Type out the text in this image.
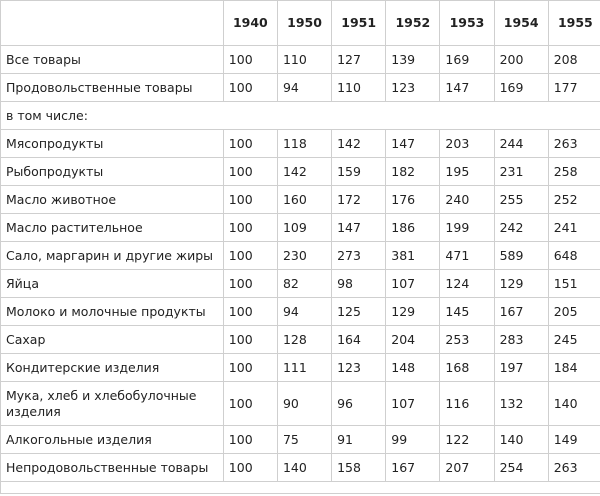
	1940	1950	1951	1952	1953	1954	1955
Все товары	100	110	127	139	169	200	208
Продовольственные товары	100	94	110	123	147	169	177
в том числе:							
Мясопродукты	100	118	142	147	203	244	263
Рыбопродукты	100	142	159	182	195	231	258
Масло животное	100	160	172	176	240	255	252
Масло растительное	100	109	147	186	199	242	241
Сало, маргарин и другие жиры	100	230	273	381	471	589	648
Яйца	100	82	98	107	124	129	151
Молоко и молочные продукты	100	94	125	129	145	167	205
Сахар	100	128	164	204	253	283	245
Кондитерские изделия	100	111	123	148	168	197	184
Мука, хлеб и хлебобулочные изделия	100	90	96	107	116	132	140
Алкогольные изделия	100	75	91	99	122	140	149
Непродовольственные товары	100	140	158	167	207	254	263
